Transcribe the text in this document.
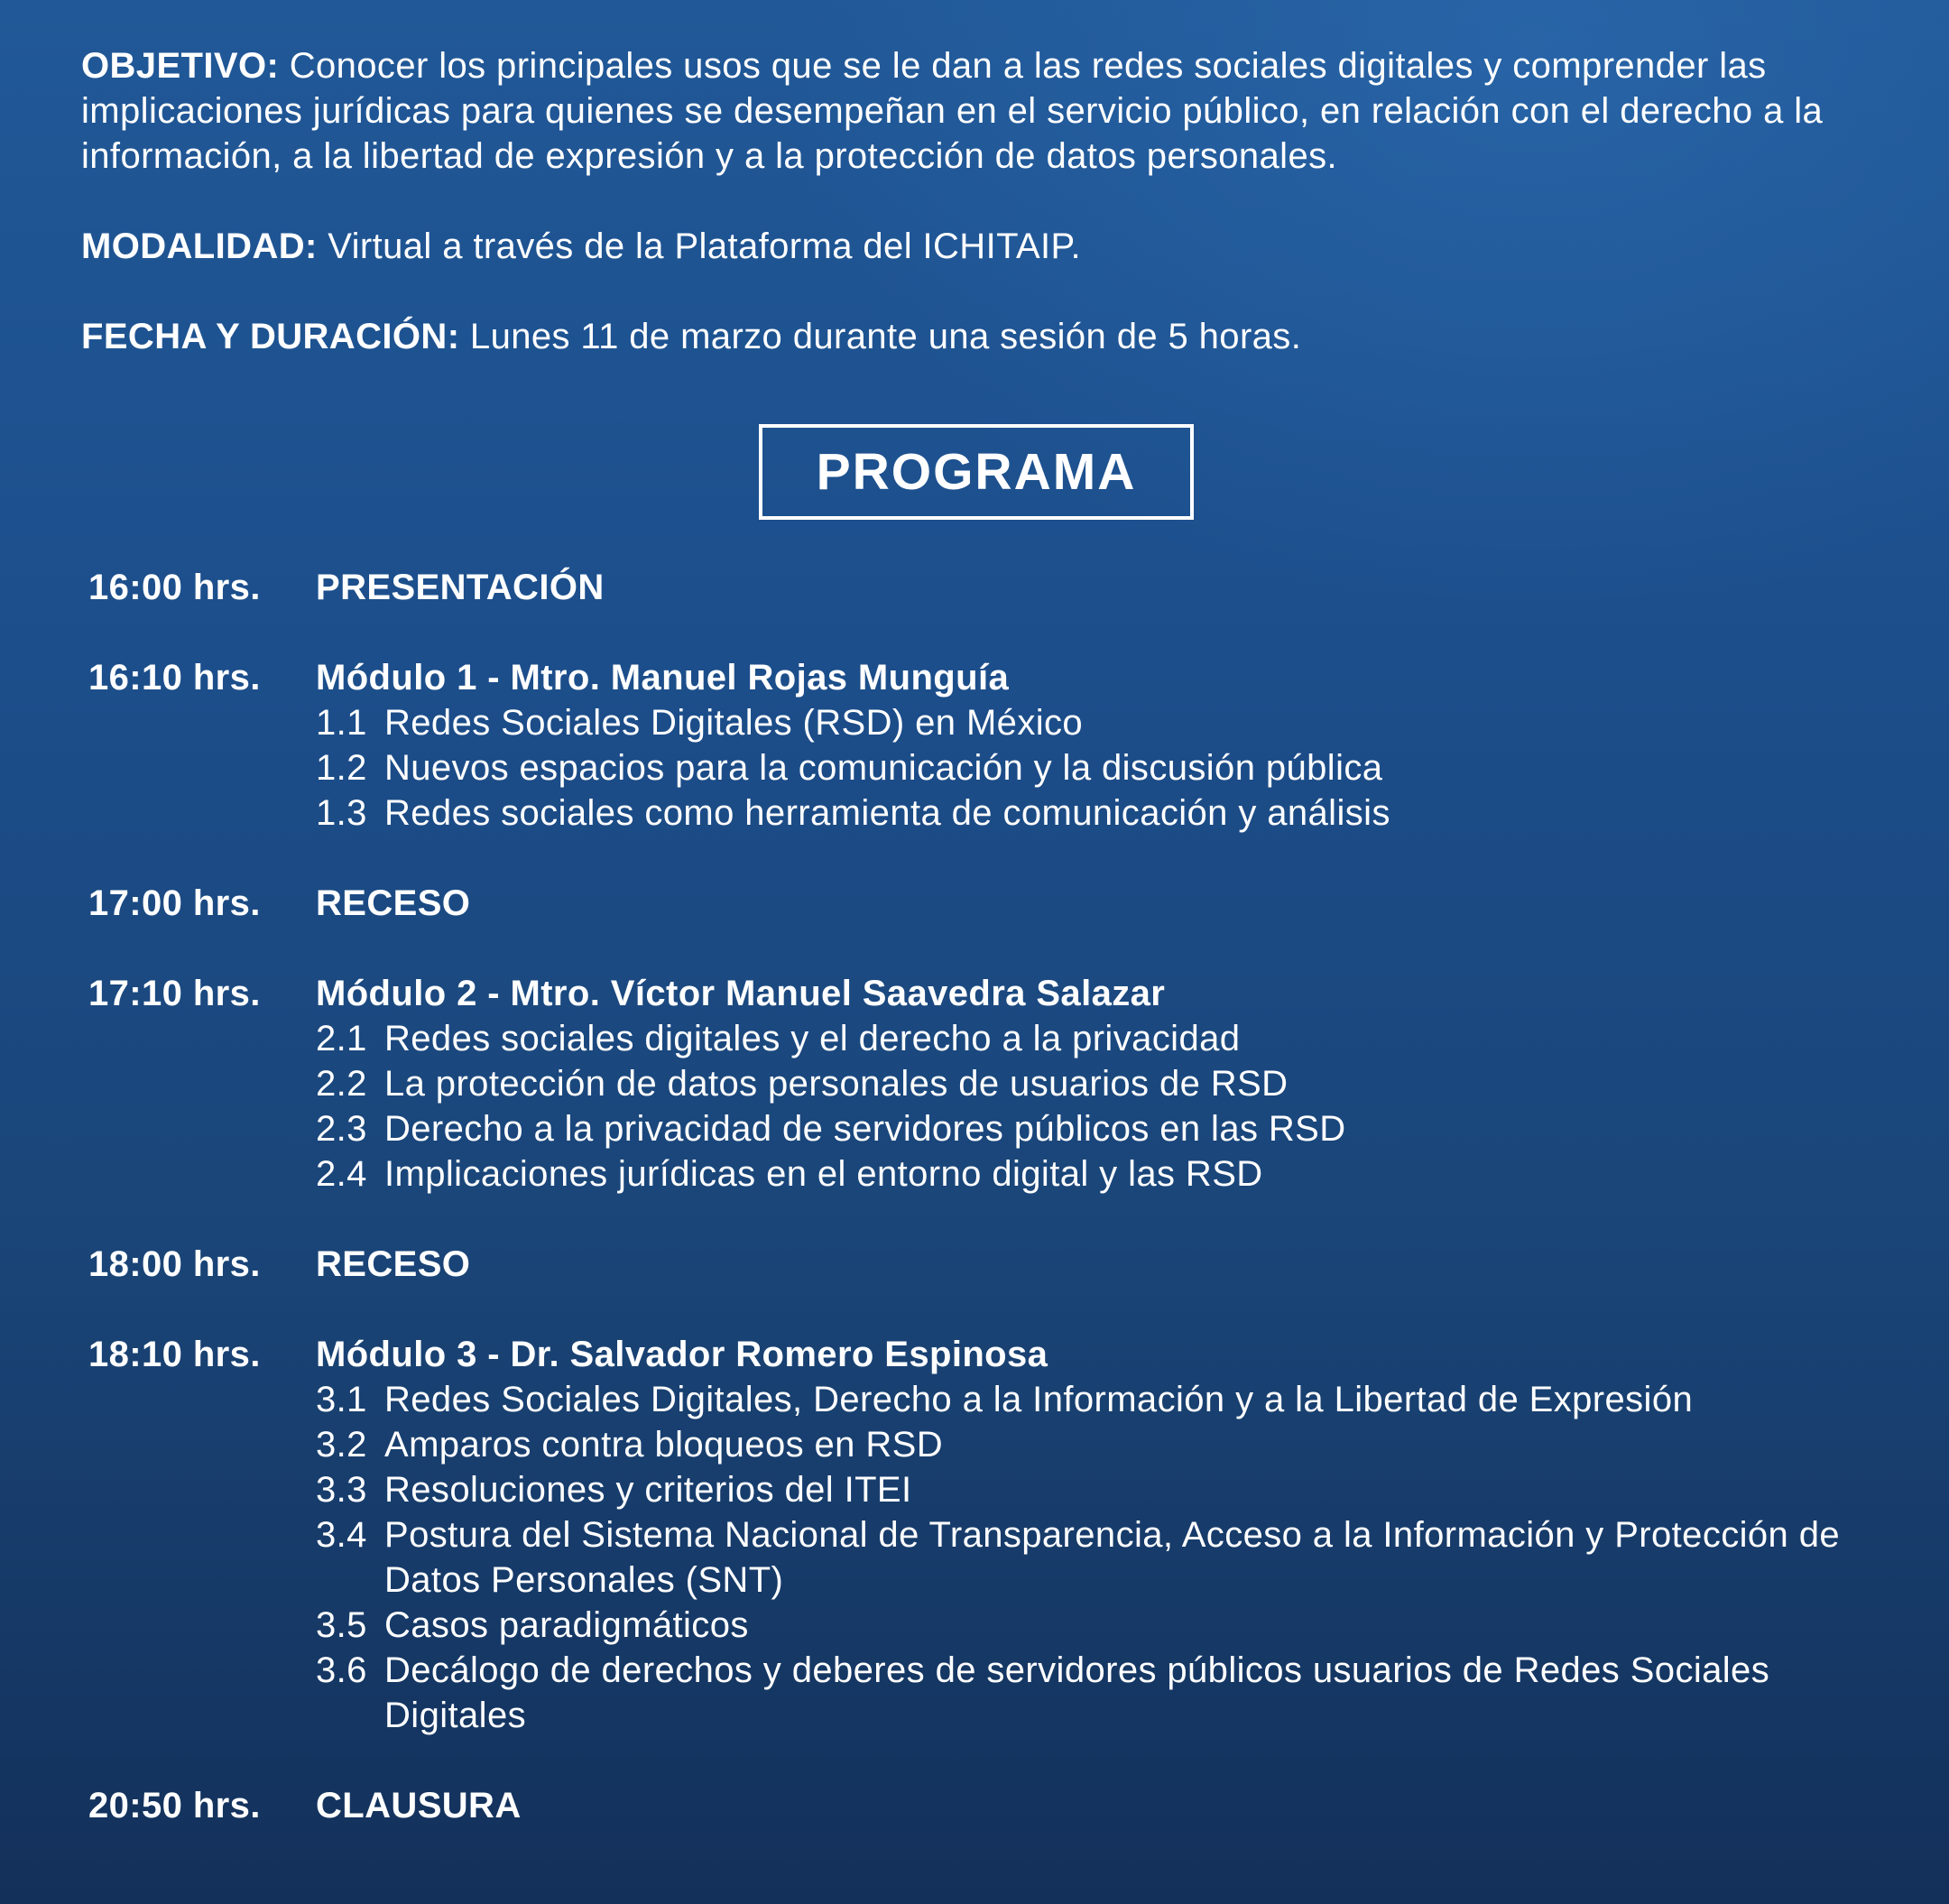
OBJETIVO: Conocer los principales usos que se le dan a las redes sociales digitales y comprender las implicaciones jurídicas para quienes se desempeñan en el servicio público, en relación con el derecho a la información, a la libertad de expresión y a la protección de datos personales.

MODALIDAD: Virtual a través de la Plataforma del ICHITAIP.

FECHA Y DURACIÓN: Lunes 11 de marzo durante una sesión de 5 horas.

PROGRAMA
16:00 hrs.	PRESENTACIÓN
16:10 hrs.	Módulo 1 - Mtro. Manuel Rojas Munguía
1.1 Redes Sociales Digitales (RSD) en México
1.2 Nuevos espacios para la comunicación y la discusión pública
1.3 Redes sociales como herramienta de comunicación y análisis
17:00 hrs.	RECESO
17:10 hrs.	Módulo 2 - Mtro. Víctor Manuel Saavedra Salazar
2.1 Redes sociales digitales y el derecho a la privacidad
2.2 La protección de datos personales de usuarios de RSD
2.3 Derecho a la privacidad de servidores públicos en las RSD
2.4 Implicaciones jurídicas en el entorno digital y las RSD
18:00 hrs.	RECESO
18:10 hrs.	Módulo 3 - Dr. Salvador Romero Espinosa
3.1 Redes Sociales Digitales, Derecho a la Información y a la Libertad de Expresión
3.2 Amparos contra bloqueos en RSD
3.3 Resoluciones y criterios del ITEI
3.4 Postura del Sistema Nacional de Transparencia, Acceso a la Información y Protección de Datos Personales (SNT)
3.5 Casos paradigmáticos
3.6 Decálogo de derechos y deberes de servidores públicos usuarios de Redes Sociales Digitales
20:50 hrs.	CLAUSURA
